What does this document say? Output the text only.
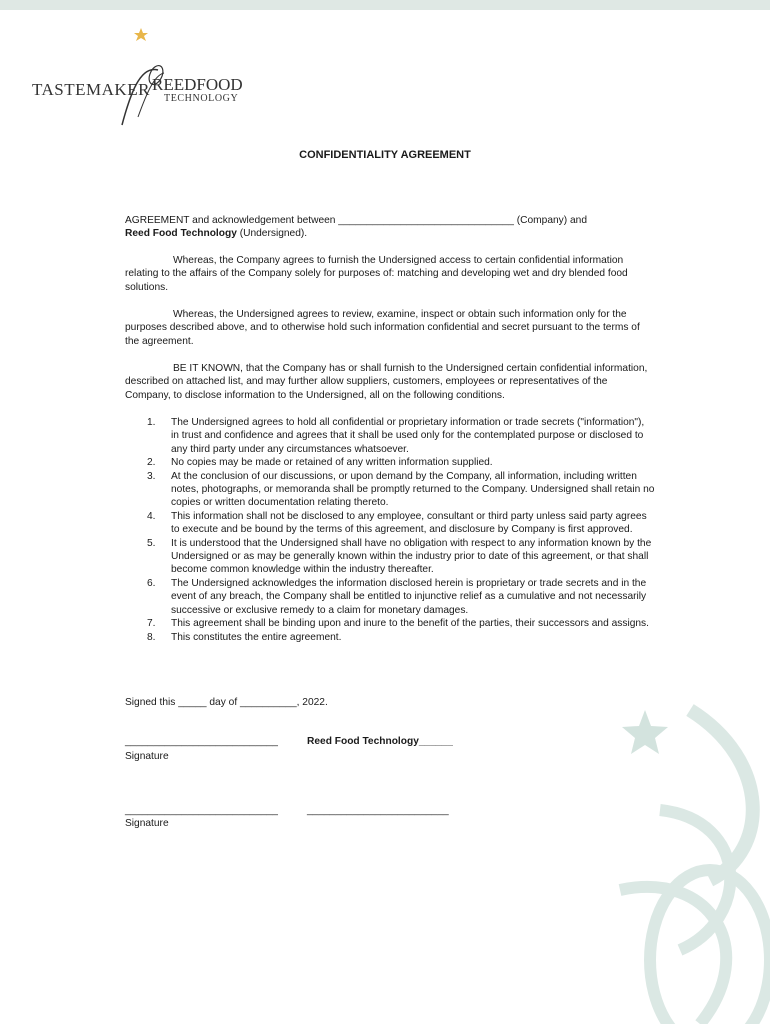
TASTEMAKER REEDFOOD
TECHNOLOGY
CONFIDENTIALITY AGREEMENT
AGREEMENT and acknowledgement between _______________________________ (Company) and
Reed Food Technology (Undersigned).
Whereas, the Company agrees to furnish the Undersigned access to certain confidential information relating to the affairs of the Company solely for purposes of: matching and developing wet and dry blended food solutions.
Whereas, the Undersigned agrees to review, examine, inspect or obtain such information only for the purposes described above, and to otherwise hold such information confidential and secret pursuant to the terms of the agreement.
BE IT KNOWN, that the Company has or shall furnish to the Undersigned certain confidential information, described on attached list, and may further allow suppliers, customers, employees or representatives of the Company, to disclose information to the Undersigned, all on the following conditions.
1. The Undersigned agrees to hold all confidential or proprietary information or trade secrets ("information"), in trust and confidence and agrees that it shall be used only for the contemplated purpose or disclosed to any third party under any circumstances whatsoever.
2. No copies may be made or retained of any written information supplied.
3. At the conclusion of our discussions, or upon demand by the Company, all information, including written notes, photographs, or memoranda shall be promptly returned to the Company. Undersigned shall retain no copies or written documentation relating thereto.
4. This information shall not be disclosed to any employee, consultant or third party unless said party agrees to execute and be bound by the terms of this agreement, and disclosure by Company is first approved.
5. It is understood that the Undersigned shall have no obligation with respect to any information known by the Undersigned or as may be generally known within the industry prior to date of this agreement, or that shall become common knowledge within the industry thereafter.
6. The Undersigned acknowledges the information disclosed herein is proprietary or trade secrets and in the event of any breach, the Company shall be entitled to injunctive relief as a cumulative and not necessarily successive or exclusive remedy to a claim for monetary damages.
7. This agreement shall be binding upon and inure to the benefit of the parties, their successors and assigns.
8. This constitutes the entire agreement.
Signed this _____ day of __________, 2022.
___________________________	Reed Food Technology______
Signature
___________________________	_________________________
Signature
